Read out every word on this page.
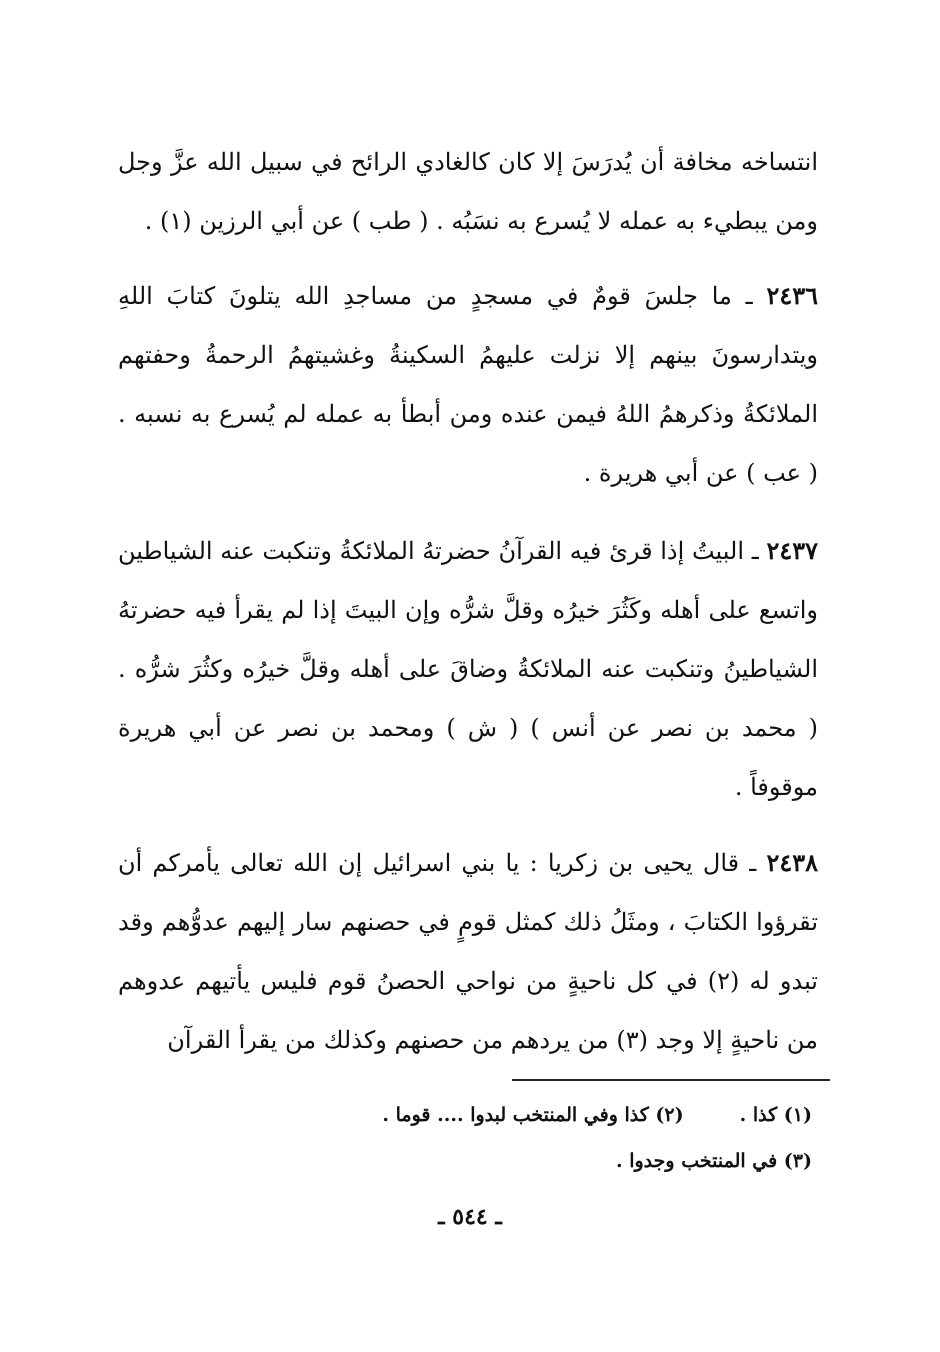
انتساخه مخافة أن يُدرَسَ إلا كان كالغادي الرائح في سبيل الله عزَّ وجل ومن يبطيء به عمله لا يُسرع به نسَبُه . ( طب ) عن أبي الرزين (١) .
٢٤٣٦ ـ ما جلسَ قومٌ في مسجدٍ من مساجدِ الله يتلونَ كتابَ اللهِ ويتدارسونَ بينهم إلا نزلت عليهمُ السكينةُ وغشيتهمُ الرحمةُ وحفتهم الملائكةُ وذكرهمُ اللهُ فيمن عنده ومن أبطأ به عمله لم يُسرع به نسبه . ( عب ) عن أبي هريرة .
٢٤٣٧ ـ البيتُ إذا قرئ فيه القرآنُ حضرتهُ الملائكةُ وتنكبت عنه الشياطين واتسع على أهله وكَثُرَ خيرُه وقلَّ شرُّه وإن البيتَ إذا لم يقرأ فيه حضرتهُ الشياطينُ وتنكبت عنه الملائكةُ وضاقَ على أهله وقلَّ خيرُه وكثُرَ شرُّه . ( محمد بن نصر عن أنس ) ( ش ) ومحمد بن نصر عن أبي هريرة موقوفاً .
٢٤٣٨ ـ قال يحيى بن زكريا : يا بني اسرائيل إن الله تعالى يأمركم أن تقرؤوا الكتابَ ، ومثَلُ ذلك كمثل قومٍ في حصنهم سار إليهم عدوُّهم وقد تبدو له (٢) في كل ناحيةٍ من نواحي الحصنُ قوم فليس يأتيهم عدوهم من ناحيةٍ إلا وجد (٣) من يردهم من حصنهم وكذلك من يقرأ القرآن
(١) كذا .(٢) كذا وفي المنتخب لبدوا .... قوما .
(٣) في المنتخب وجدوا .
ـ ٥٤٤ ـ
